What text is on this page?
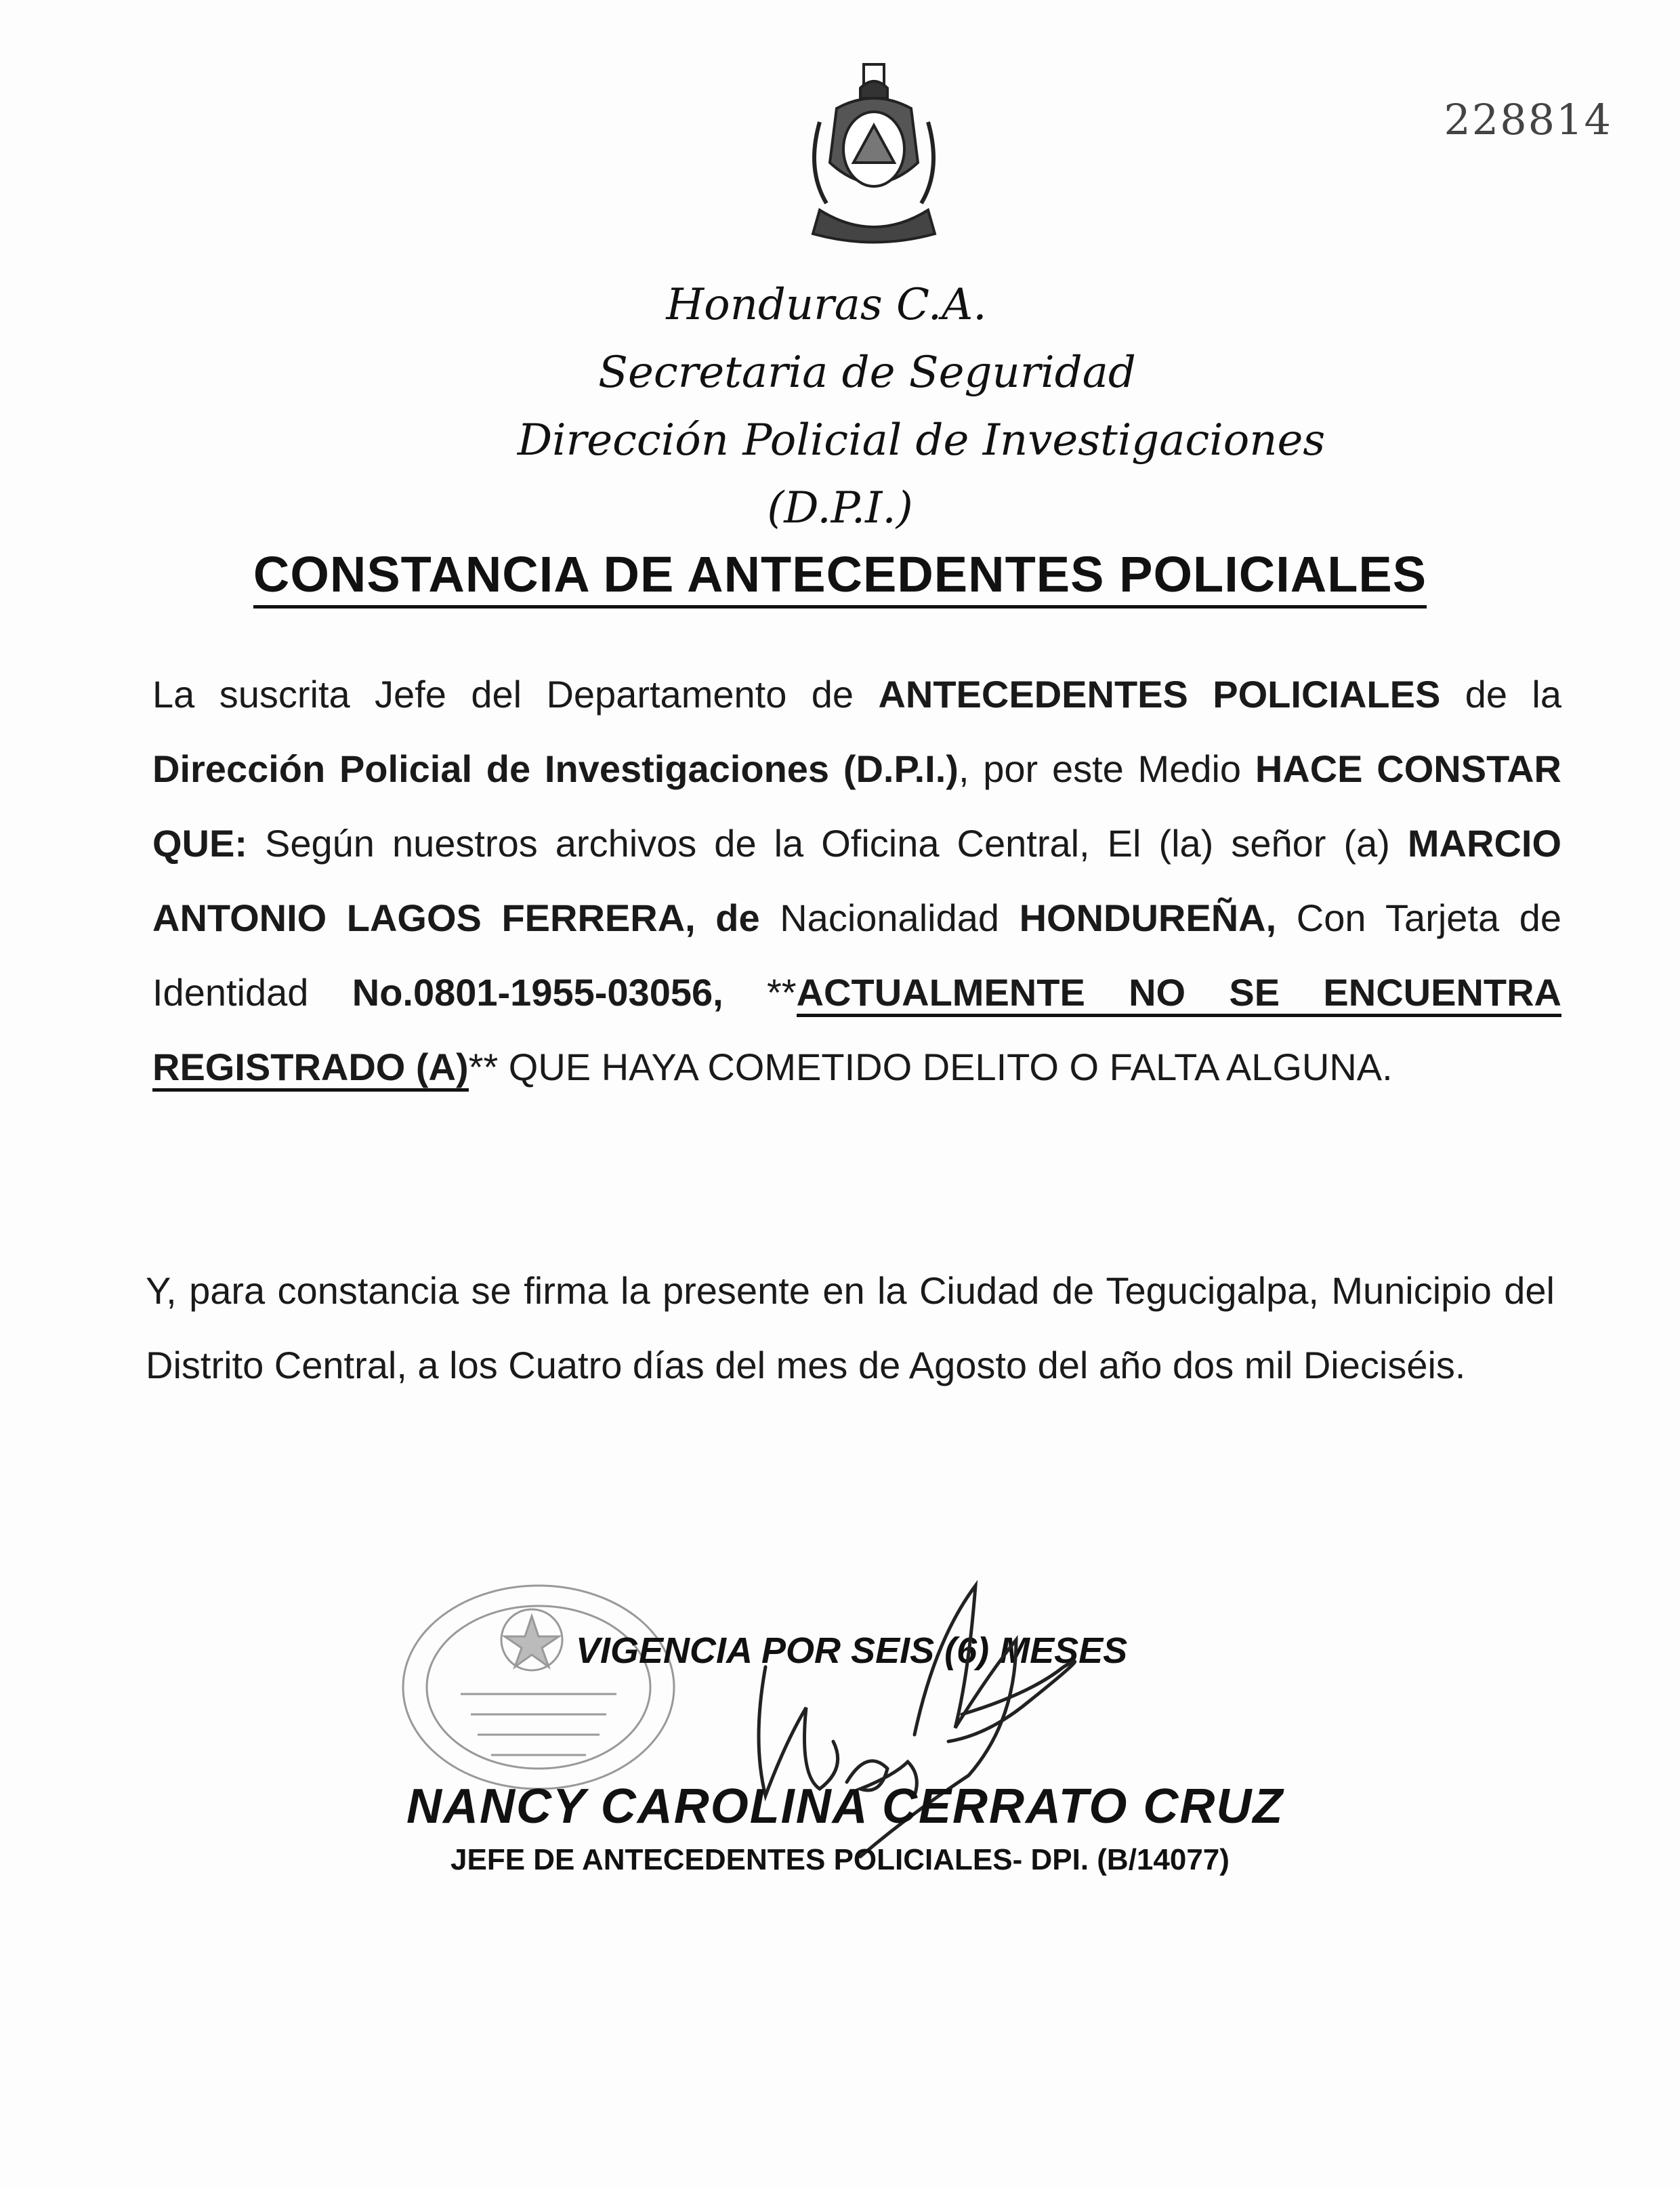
228814
Honduras C.A.
Secretaria de Seguridad
Dirección Policial de Investigaciones
(D.P.I.)
CONSTANCIA DE ANTECEDENTES POLICIALES
La suscrita Jefe del Departamento de ANTECEDENTES POLICIALES de la Dirección Policial de Investigaciones (D.P.I.), por este Medio HACE CONSTAR QUE: Según nuestros archivos de la Oficina Central, El (la) señor (a) MARCIO ANTONIO LAGOS FERRERA, de Nacionalidad HONDUREÑA, Con Tarjeta de Identidad No.0801-1955-03056, **ACTUALMENTE NO SE ENCUENTRA REGISTRADO (A)** QUE HAYA COMETIDO DELITO O FALTA ALGUNA.
Y, para constancia se firma la presente en la Ciudad de Tegucigalpa, Municipio del Distrito Central, a los Cuatro días del mes de Agosto del año dos mil Dieciséis.
VIGENCIA POR SEIS (6) MESES
NANCY CAROLINA CERRATO CRUZ
JEFE DE ANTECEDENTES POLICIALES- DPI. (B/14077)
